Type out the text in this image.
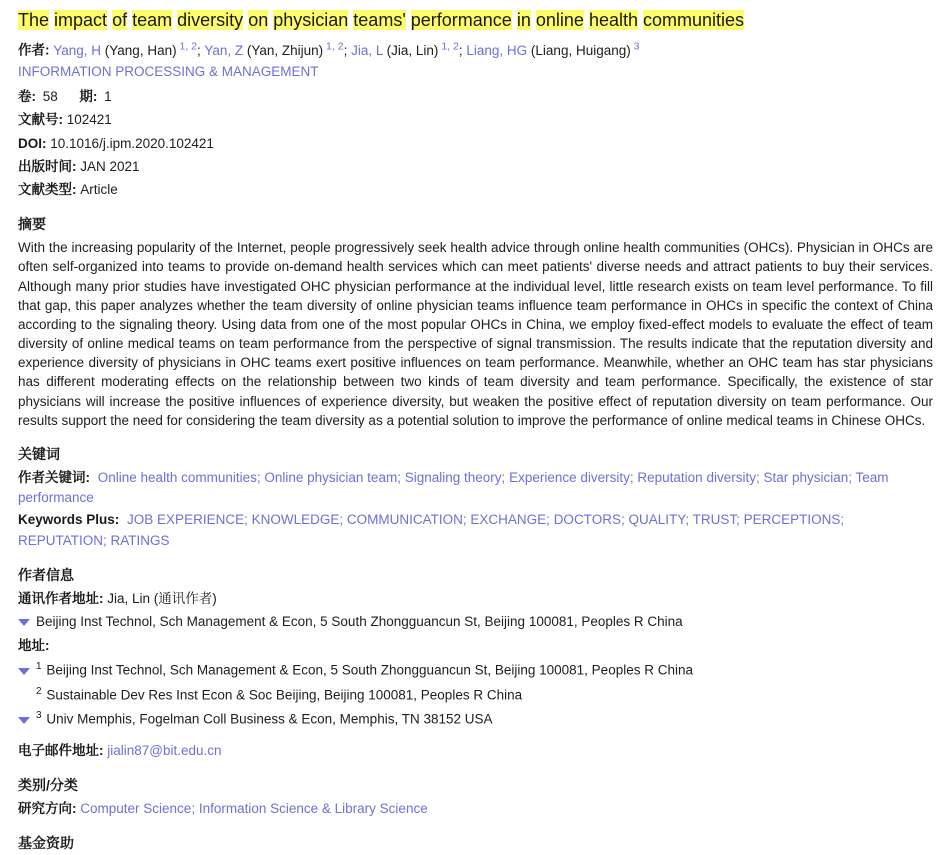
The impact of team diversity on physician teams' performance in online health communities
作者: Yang, H (Yang, Han) $^{1, 2}$; Yan, Z (Yan, Zhijun) $^{1, 2}$; Jia, L (Jia, Lin) $^{1, 2}$; Liang, HG (Liang, Huigang) $^3$
INFORMATION PROCESSING & MANAGEMENT
卷: 58 期: 1
文献号: 102421
DOI: 10.1016/j.ipm.2020.102421
出版时间: JAN 2021
文献类型: Article
摘要
With the increasing popularity of the Internet, people progressively seek health advice through online health communities (OHCs). Physician in OHCs are often self-organized into teams to provide on-demand health services which can meet patients' diverse needs and attract patients to buy their services. Although many prior studies have investigated OHC physician performance at the individual level, little research exists on team level performance. To fill that gap, this paper analyzes whether the team diversity of online physician teams influence team performance in OHCs in specific the context of China according to the signaling theory. Using data from one of the most popular OHCs in China, we employ fixed-effect models to evaluate the effect of team diversity of online medical teams on team performance from the perspective of signal transmission. The results indicate that the reputation diversity and experience diversity of physicians in OHC teams exert positive influences on team performance. Meanwhile, whether an OHC team has star physicians has different moderating effects on the relationship between two kinds of team diversity and team performance. Specifically, the existence of star physicians will increase the positive influences of experience diversity, but weaken the positive effect of reputation diversity on team performance. Our results support the need for considering the team diversity as a potential solution to improve the performance of online medical teams in Chinese OHCs.
关键词
作者关键词: Online health communities; Online physician team; Signaling theory; Experience diversity; Reputation diversity; Star physician; Team performance
Keywords Plus: JOB EXPERIENCE; KNOWLEDGE; COMMUNICATION; EXCHANGE; DOCTORS; QUALITY; TRUST; PERCEPTIONS; REPUTATION; RATINGS
作者信息
通讯作者地址: Jia, Lin (通讯作者)
Beijing Inst Technol, Sch Management & Econ, 5 South Zhongguancun St, Beijing 100081, Peoples R China
地址:
$^1$ Beijing Inst Technol, Sch Management & Econ, 5 South Zhongguancun St, Beijing 100081, Peoples R China
$^2$ Sustainable Dev Res Inst Econ & Soc Beijing, Beijing 100081, Peoples R China
$^3$ Univ Memphis, Fogelman Coll Business & Econ, Memphis, TN 38152 USA
电子邮件地址: jialin87@bit.edu.cn
类别/分类
研究方向: Computer Science; Information Science & Library Science
基金资助
